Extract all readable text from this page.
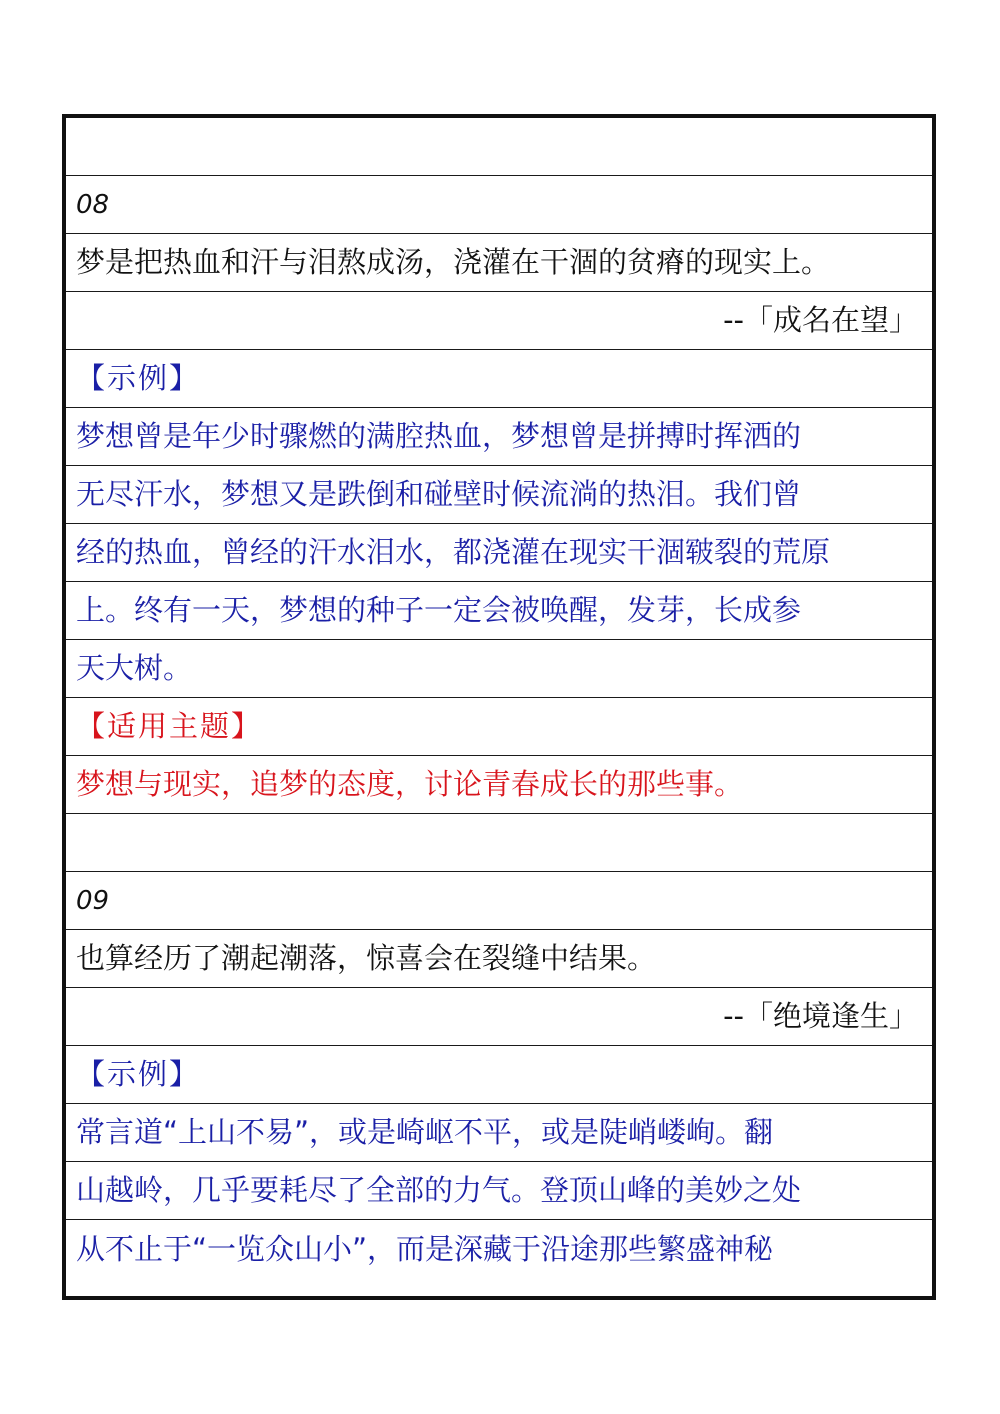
08
梦是把热血和汗与泪熬成汤，浇灌在干涸的贫瘠的现实上。
--「成名在望」
【示例】
梦想曾是年少时骤燃的满腔热血，梦想曾是拼搏时挥洒的
无尽汗水，梦想又是跌倒和碰壁时候流淌的热泪。我们曾
经的热血，曾经的汗水泪水，都浇灌在现实干涸皲裂的荒原
上。终有一天，梦想的种子一定会被唤醒，发芽，长成参
天大树。
【适用主题】
梦想与现实，追梦的态度，讨论青春成长的那些事。
09
也算经历了潮起潮落，惊喜会在裂缝中结果。
--「绝境逢生」
【示例】
常言道“上山不易”，或是崎岖不平，或是陡峭嵝峋。翻
山越岭，几乎要耗尽了全部的力气。登顶山峰的美妙之处
从不止于“一览众山小”，而是深藏于沿途那些繁盛神秘
